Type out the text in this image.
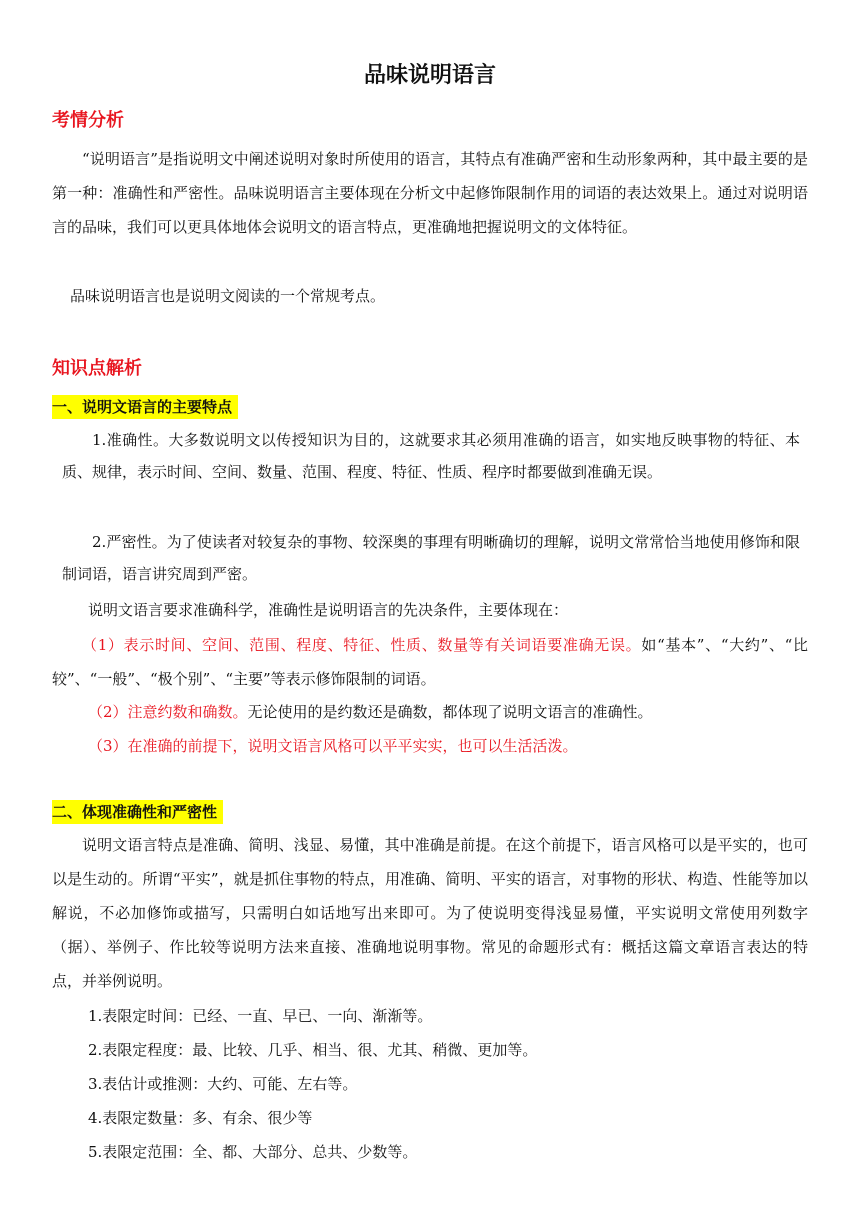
品味说明语言
考情分析

“说明语言”是指说明文中阐述说明对象时所使用的语言，其特点有准确严密和生动形象两种，其中最主要的是第一种：准确性和严密性。品味说明语言主要体现在分析文中起修饰限制作用的词语的表达效果上。通过对说明语言的品味，我们可以更具体地体会说明文的语言特点，更准确地把握说明文的文体特征。

品味说明语言也是说明文阅读的一个常规考点。

知识点解析
一、说明文语言的主要特点

1.准确性。大多数说明文以传授知识为目的，这就要求其必须用准确的语言，如实地反映事物的特征、本质、规律，表示时间、空间、数量、范围、程度、特征、性质、程序时都要做到准确无误。

2.严密性。为了使读者对较复杂的事物、较深奥的事理有明晰确切的理解，说明文常常恰当地使用修饰和限制词语，语言讲究周到严密。

说明文语言要求准确科学，准确性是说明语言的先决条件，主要体现在：

（1）表示时间、空间、范围、程度、特征、性质、数量等有关词语要准确无误。如“基本”、“大约”、“比较”、“一般”、“极个别”、“主要”等表示修饰限制的词语。

（2）注意约数和确数。无论使用的是约数还是确数，都体现了说明文语言的准确性。

（3）在准确的前提下，说明文语言风格可以平平实实，也可以生活活泼。

二、体现准确性和严密性

说明文语言特点是准确、简明、浅显、易懂，其中准确是前提。在这个前提下，语言风格可以是平实的，也可以是生动的。所谓“平实”，就是抓住事物的特点，用准确、简明、平实的语言，对事物的形状、构造、性能等加以解说，不必加修饰或描写，只需明白如话地写出来即可。为了使说明变得浅显易懂，平实说明文常使用列数字（据）、举例子、作比较等说明方法来直接、准确地说明事物。常见的命题形式有：概括这篇文章语言表达的特点，并举例说明。

1.表限定时间：已经、一直、早已、一向、渐渐等。

2.表限定程度：最、比较、几乎、相当、很、尤其、稍微、更加等。

3.表估计或推测：大约、可能、左右等。

4.表限定数量：多、有余、很少等

5.表限定范围：全、都、大部分、总共、少数等。
